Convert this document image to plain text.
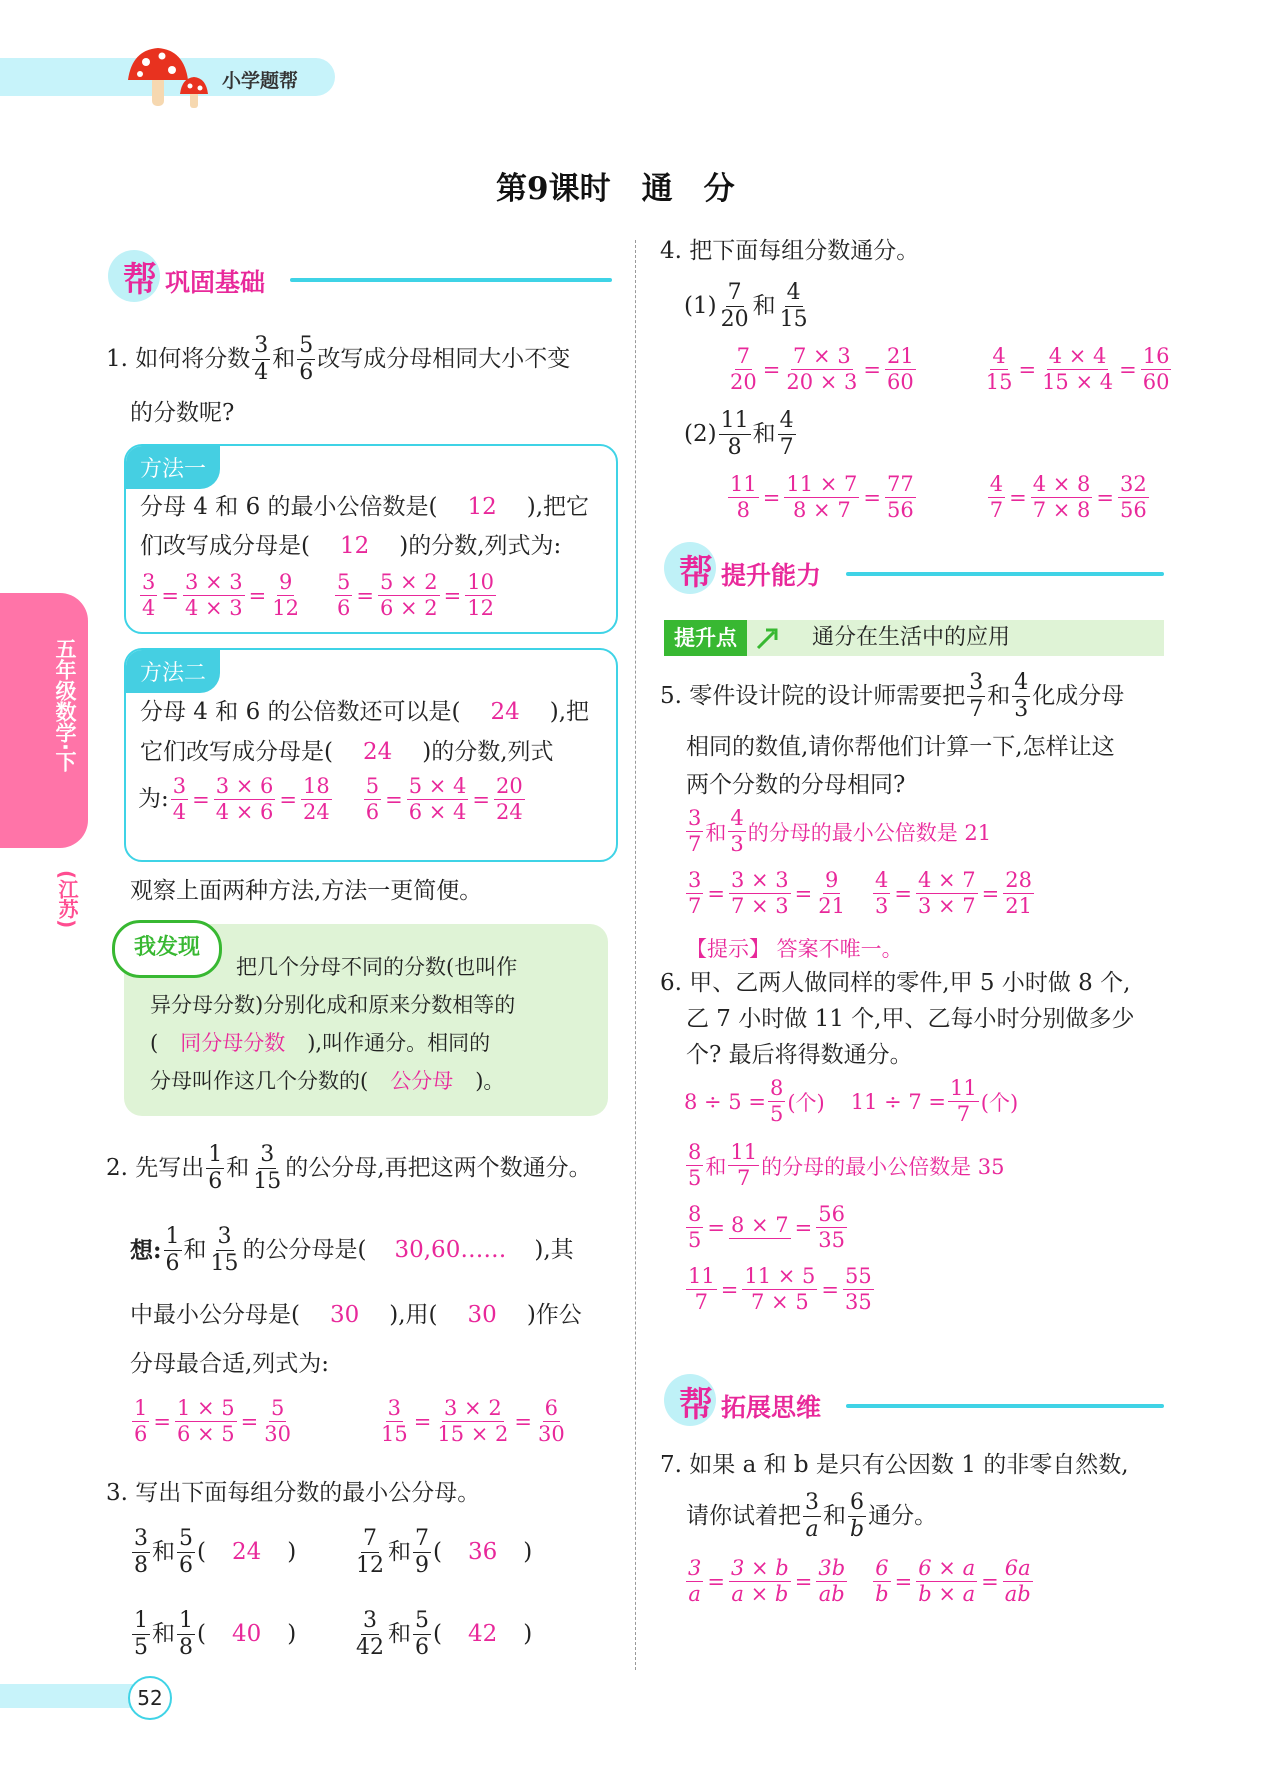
小学题帮
第9课时　通　分
五年级数学·下
(江苏)
帮 巩固基础
1. 如何将分数 $\frac{3}{4}$ 和 $\frac{5}{6}$ 改写成分母相同大小不变
的分数呢?
方法一
分母 4 和 6 的最小公倍数是( 12 ),把它
们改写成分母是( 12 )的分数,列式为:
$\frac{3}{4} = \frac{3 \times 3}{4 \times 3} = \frac{9}{12} \frac{5}{6} = \frac{5 \times 2}{6 \times 2} = \frac{10}{12}$
方法二
分母 4 和 6 的公倍数还可以是( 24 ),把
它们改写成分母是( 24 )的分数,列式
为: $\frac{3}{4} = \frac{3 \times 6}{4 \times 6} = \frac{18}{24} \frac{5}{6} = \frac{5 \times 4}{6 \times 4} = \frac{20}{24}$
观察上面两种方法,方法一更简便。
我发现
把几个分母不同的分数(也叫作
异分母分数)分别化成和原来分数相等的
( 同分母分数 ),叫作通分。相同的
分母叫作这几个分数的( 公分母 )。
2. 先写出 $\frac{1}{6}$ 和 $\frac{3}{15}$ 的公分母,再把这两个数通分。
想: $\frac{1}{6}$ 和 $\frac{3}{15}$ 的公分母是( 30,60…… ),其
中最小公分母是( 30 ),用( 30 )作公
分母最合适,列式为:
$\frac{1}{6} = \frac{1 \times 5}{6 \times 5} = \frac{5}{30}$	$\frac{3}{15} = \frac{3 \times 2}{15 \times 2} = \frac{6}{30}$
3. 写出下面每组分数的最小公分母。
$\frac{3}{8}$ 和 $\frac{5}{6}$ ( 24 )	$\frac{7}{12}$ 和 $\frac{7}{9}$ ( 36 )
$\frac{1}{5}$ 和 $\frac{1}{8}$ ( 40 )	$\frac{3}{42}$ 和 $\frac{5}{6}$ ( 42 )
4. 把下面每组分数通分。
$(1) \frac{7}{20}$ 和 $\frac{4}{15}$
$\frac{7}{20} = \frac{7 \times 3}{20 \times 3} = \frac{21}{60}$	$\frac{4}{15} = \frac{4 \times 4}{15 \times 4} = \frac{16}{60}$
$(2) \frac{11}{8}$ 和 $\frac{4}{7}$
$\frac{11}{8} = \frac{11 \times 7}{8 \times 7} = \frac{77}{56}$	$\frac{4}{7} = \frac{4 \times 8}{7 \times 8} = \frac{32}{56}$
帮 提升能力
提升点	通分在生活中的应用
5. 零件设计院的设计师需要把 $\frac{3}{7}$ 和 $\frac{4}{3}$ 化成分母
相同的数值,请你帮他们计算一下,怎样让这
两个分数的分母相同?
$\frac{3}{7}$ 和 $\frac{4}{3}$ 的分母的最小公倍数是 21
$\frac{3}{7} = \frac{3 \times 3}{7 \times 3} = \frac{9}{21} \frac{4}{3} = \frac{4 \times 7}{3 \times 7} = \frac{28}{21}$
【提示】 答案不唯一。
6. 甲、乙两人做同样的零件,甲 5 小时做 8 个,
乙 7 小时做 11 个,甲、乙每小时分别做多少
个? 最后将得数通分。
$8 \div 5 = \frac{8}{5}$ (个) $11 \div 7 = \frac{11}{7}$ (个)
$\frac{8}{5}$ 和 $\frac{11}{7}$ 的分母的最小公倍数是 35
$\frac{8}{5} = 8 \times 7 = \frac{56}{35}$
$\frac{11}{7} = \frac{11 \times 5}{7 \times 5} = \frac{55}{35}$
帮 拓展思维
7. 如果 a 和 b 是只有公因数 1 的非零自然数,
请你试着把 $\frac{3}{a}$ 和 $\frac{6}{b}$ 通分。
$\frac{3}{a} = \frac{3 \times b}{a \times b} = \frac{3b}{ab} \frac{6}{b} = \frac{6 \times a}{b \times a} = \frac{6a}{ab}$
52
